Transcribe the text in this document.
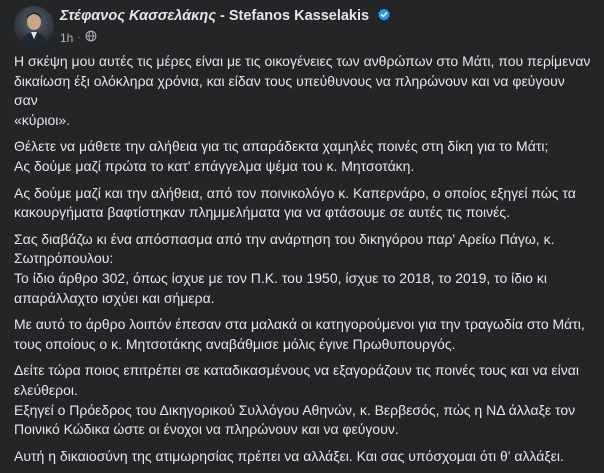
Στέφανος Κασσελάκης - Stefanos Kasselakis
1h ·

Η σκέψη μου αυτές τις μέρες είναι με τις οικογένειες των ανθρώπων στο Μάτι, που περίμεναν
δικαίωση έξι ολόκληρα χρόνια, και είδαν τους υπεύθυνους να πληρώνουν και να φεύγουν σαν
«κύριοι».

Θέλετε να μάθετε την αλήθεια για τις απαράδεκτα χαμηλές ποινές στη δίκη για το Μάτι;
Ας δούμε μαζί πρώτα το κατ' επάγγελμα ψέμα του κ. Μητσοτάκη.

Ας δούμε μαζί και την αλήθεια, από τον ποινικολόγο κ. Καπερνάρο, ο οποίος εξηγεί πώς τα
κακουργήματα βαφτίστηκαν πλημμελήματα για να φτάσουμε σε αυτές τις ποινές.

Σας διαβάζω κι ένα απόσπασμα από την ανάρτηση του δικηγόρου παρ' Αρείω Πάγω, κ.
Σωτηρόπουλου:
Το ίδιο άρθρο 302, όπως ίσχυε με τον Π.Κ. του 1950, ίσχυε το 2018, το 2019, το ίδιο κι
απαράλλαχτο ισχύει και σήμερα.

Με αυτό το άρθρο λοιπόν έπεσαν στα μαλακά οι κατηγορούμενοι για την τραγωδία στο Μάτι,
τους οποίους ο κ. Μητσοτάκης αναβάθμισε μόλις έγινε Πρωθυπουργός.

Δείτε τώρα ποιος επιτρέπει σε καταδικασμένους να εξαγοράζουν τις ποινές τους και να είναι
ελεύθεροι.
Εξηγεί ο Πρόεδρος του Δικηγορικού Συλλόγου Αθηνών, κ. Βερβεσός, πώς η ΝΔ άλλαξε τον
Ποινικό Κώδικα ώστε οι ένοχοι να πληρώνουν και να φεύγουν.

Αυτή η δικαιοσύνη της ατιμωρησίας πρέπει να αλλάξει. Και σας υπόσχομαι ότι θ' αλλάξει.
